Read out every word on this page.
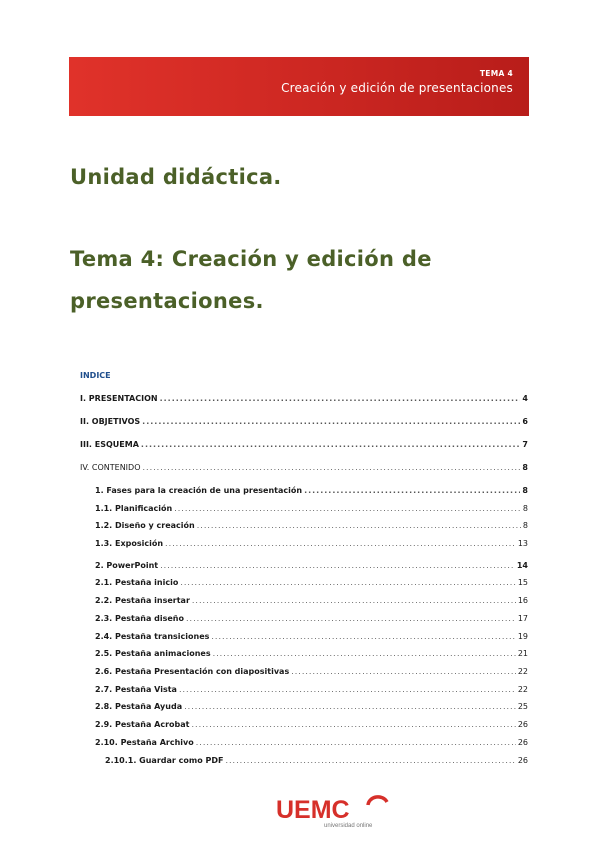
TEMA 4
Creación y edición de presentaciones
Unidad didáctica.
Tema 4: Creación y edición de
presentaciones.
INDICE
I. PRESENTACION .....	4
II. OBJETIVOS .....	6
III. ESQUEMA .....	7
IV. CONTENIDO .....	8
1. Fases para la creación de una presentación .....	8
1.1. Planificación .....	8
1.2. Diseño y creación .....	8
1.3. Exposición .....	13
2. PowerPoint .....	14
2.1. Pestaña inicio .....	15
2.2. Pestaña insertar .....	16
2.3. Pestaña diseño .....	17
2.4. Pestaña transiciones .....	19
2.5. Pestaña animaciones .....	21
2.6. Pestaña Presentación con diapositivas .....	22
2.7. Pestaña Vista .....	22
2.8. Pestaña Ayuda .....	25
2.9. Pestaña Acrobat .....	26
2.10. Pestaña Archivo .....	26
2.10.1. Guardar como PDF .....	26
UEMC
universidad online
